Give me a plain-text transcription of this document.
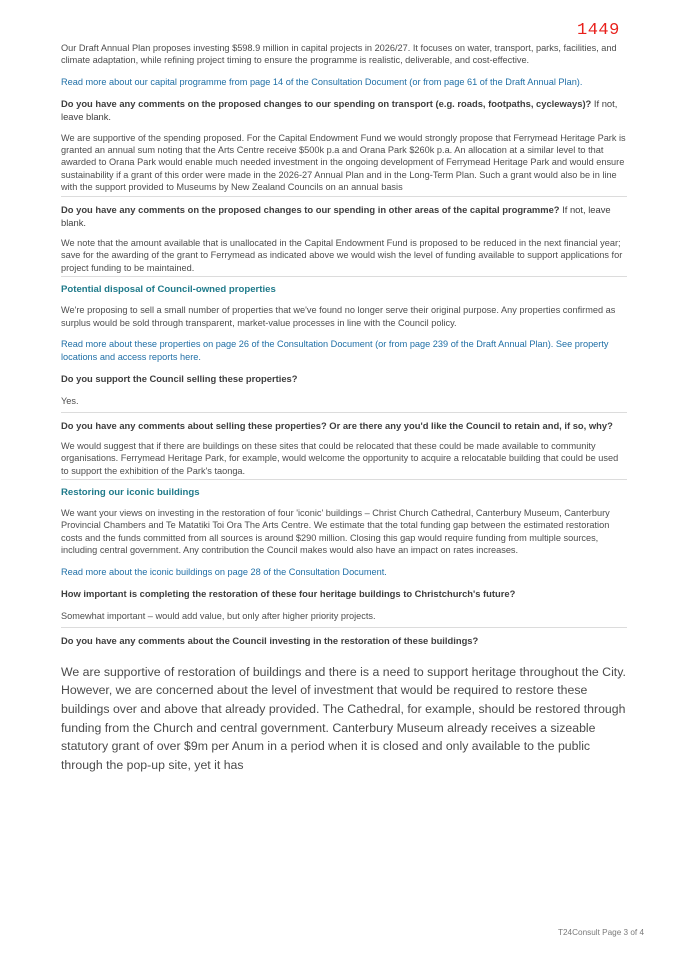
1449

Our Draft Annual Plan proposes investing $598.9 million in capital projects in 2026/27. It focuses on water, transport, parks, facilities, and climate adaptation, while refining project timing to ensure the programme is realistic, deliverable, and cost-effective.

Read more about our capital programme from page 14 of the Consultation Document (or from page 61 of the Draft Annual Plan).

Do you have any comments on the proposed changes to our spending on transport (e.g. roads, footpaths, cycleways)? If not, leave blank.

We are supportive of the spending proposed. For the Capital Endowment Fund we would strongly propose that Ferrymead Heritage Park is granted an annual sum noting that the Arts Centre receive $500k p.a and Orana Park $260k p.a. An allocation at a similar level to that awarded to Orana Park would enable much needed investment in the ongoing development of Ferrymead Heritage Park and would ensure sustainability if a grant of this order were made in the 2026-27 Annual Plan and in the Long-Term Plan. Such a grant would also be in line with the support provided to Museums by New Zealand Councils on an annual basis

Do you have any comments on the proposed changes to our spending in other areas of the capital programme? If not, leave blank.

We note that the amount available that is unallocated in the Capital Endowment Fund is proposed to be reduced in the next financial year; save for the awarding of the grant to Ferrymead as indicated above we would wish the level of funding available to support applications for project funding to be maintained.

Potential disposal of Council-owned properties

We're proposing to sell a small number of properties that we've found no longer serve their original purpose. Any properties confirmed as surplus would be sold through transparent, market-value processes in line with the Council policy.

Read more about these properties on page 26 of the Consultation Document (or from page 239 of the Draft Annual Plan). See property locations and access reports here.

Do you support the Council selling these properties?

Yes.

Do you have any comments about selling these properties? Or are there any you'd like the Council to retain and, if so, why?

We would suggest that if there are buildings on these sites that could be relocated that these could be made available to community organisations. Ferrymead Heritage Park, for example, would welcome the opportunity to acquire a relocatable building that could be used to support the exhibition of the Park's taonga.

Restoring our iconic buildings

We want your views on investing in the restoration of four 'iconic' buildings – Christ Church Cathedral, Canterbury Museum, Canterbury Provincial Chambers and Te Matatiki Toi Ora The Arts Centre. We estimate that the total funding gap between the estimated restoration costs and the funds committed from all sources is around $290 million. Closing this gap would require funding from multiple sources, including central government. Any contribution the Council makes would also have an impact on rates increases.

Read more about the iconic buildings on page 28 of the Consultation Document.

How important is completing the restoration of these four heritage buildings to Christchurch's future?

Somewhat important – would add value, but only after higher priority projects.

Do you have any comments about the Council investing in the restoration of these buildings?

We are supportive of restoration of buildings and there is a need to support heritage throughout the City. However, we are concerned about the level of investment that would be required to restore these buildings over and above that already provided. The Cathedral, for example, should be restored through funding from the Church and central government. Canterbury Museum already receives a sizeable statutory grant of over $9m per Anum in a period when it is closed and only available to the public through the pop-up site, yet it has

T24Consult Page 3 of 4
